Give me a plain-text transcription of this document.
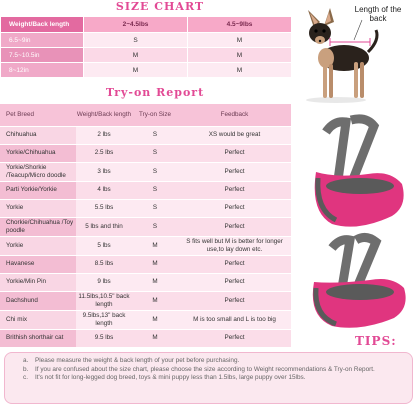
SIZE CHART
Weight/Back length	2~4.5lbs	4.5~9lbs
6.5~9in	S	M
7.5~10.5in	M	M
8~12in	M	M
Try-on Report
Pet Breed	Weight/Back length	Try-on Size	Feedback
Chihuahua	2 lbs	S	XS would be great
Yorkie/Chihuahua	2.5 lbs	S	Perfect
Yorkie/Shorkie /Teacup/Micro doodle	3 lbs	S	Perfect
Parti Yorkie/Yorkie	4 lbs	S	Perfect
Yorkie	5.5 lbs	S	Perfect
Chorkie/Chihuahua /Toy poodle	5 lbs and thin	S	Perfect
Yorkie	5 lbs	M	S fits well but M is better for longer use,to lay down etc.
Havanese	8.5 lbs	M	Perfect
Yorkie/Min Pin	9 lbs	M	Perfect
Dachshund	11.5lbs,10.5" back length	M	Perfect
Chi mix	9.5lbs,13" back length	M	M is too small and L is too big
Brithish shorthair cat	9.5 lbs	M	Perfect
Length of the back
TIPS:
a.	Please measure the weight & back length of your pet before purchasing.
b.	If you are confused about the size chart, please choose the size according to Weight recommendations & Try-on Report.
c.	It's not fit for long-legged dog breed, toys & mini puppy less than 1.5lbs, large puppy over 15lbs.
